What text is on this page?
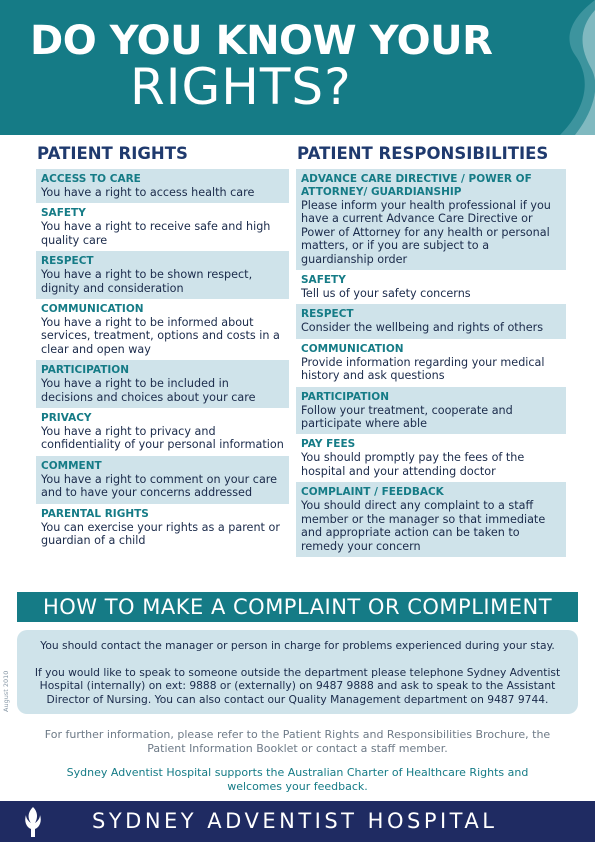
DO YOU KNOW YOUR
RIGHTS?
PATIENT RIGHTS
ACCESS TO CARE
You have a right to access health care
SAFETY
You have a right to receive safe and high quality care
RESPECT
You have a right to be shown respect, dignity and consideration
COMMUNICATION
You have a right to be informed about services, treatment, options and costs in a clear and open way
PARTICIPATION
You have a right to be included in decisions and choices about your care
PRIVACY
You have a right to privacy and confidentiality of your personal information
COMMENT
You have a right to comment on your care and to have your concerns addressed
PARENTAL RIGHTS
You can exercise your rights as a parent or guardian of a child
PATIENT RESPONSIBILITIES
ADVANCE CARE DIRECTIVE / POWER OF ATTORNEY/ GUARDIANSHIP
Please inform your health professional if you have a current Advance Care Directive or Power of Attorney for any health or personal matters, or if you are subject to a guardianship order
SAFETY
Tell us of your safety concerns
RESPECT
Consider the wellbeing and rights of others
COMMUNICATION
Provide information regarding your medical history and ask questions
PARTICIPATION
Follow your treatment, cooperate and participate where able
PAY FEES
You should promptly pay the fees of the hospital and your attending doctor
COMPLAINT / FEEDBACK
You should direct any complaint to a staff member or the manager so that immediate and appropriate action can be taken to remedy your concern
HOW TO MAKE A COMPLAINT OR COMPLIMENT

You should contact the manager or person in charge for problems experienced during your stay.

If you would like to speak to someone outside the department please telephone Sydney Adventist Hospital (internally) on ext: 9888 or (externally) on 9487 9888 and ask to speak to the Assistant Director of Nursing. You can also contact our Quality Management department on 9487 9744.

August 2010
For further information, please refer to the Patient Rights and Responsibilities Brochure, the Patient Information Booklet or contact a staff member.
Sydney Adventist Hospital supports the Australian Charter of Healthcare Rights and welcomes your feedback.
SYDNEY ADVENTIST HOSPITAL
